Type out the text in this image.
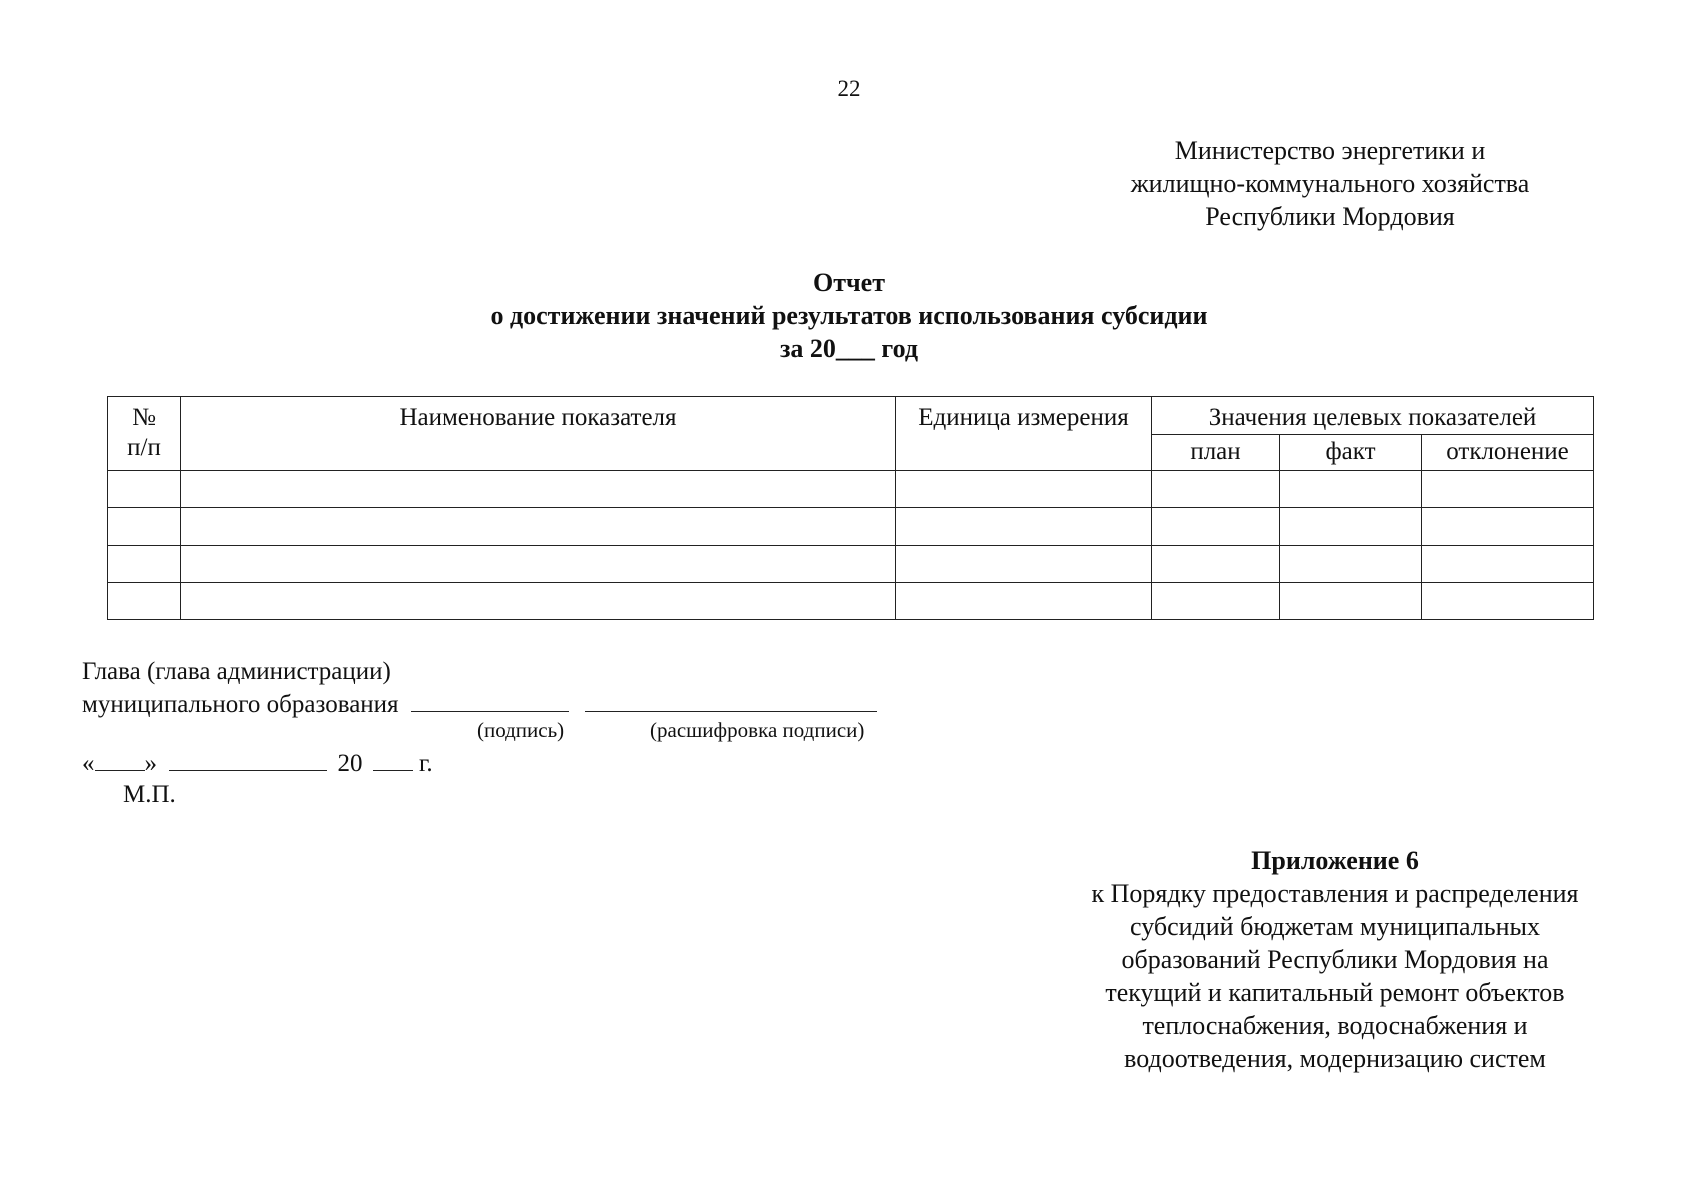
22
Министерство энергетики и
жилищно-коммунального хозяйства
Республики Мордовия
Отчет
о достижении значений результатов использования субсидии
за 20___ год
№
п/п	Наименование показателя	Единица измерения	Значения целевых показателей		
			план	факт	отклонение

Глава (глава администрации)
муниципального образования
(подпись)	(расшифровка подписи)
« »	20 г.
М.П.
Приложение 6
к Порядку предоставления и распределения
субсидий бюджетам муниципальных
образований Республики Мордовия на
текущий и капитальный ремонт объектов
теплоснабжения, водоснабжения и
водоотведения, модернизацию систем
